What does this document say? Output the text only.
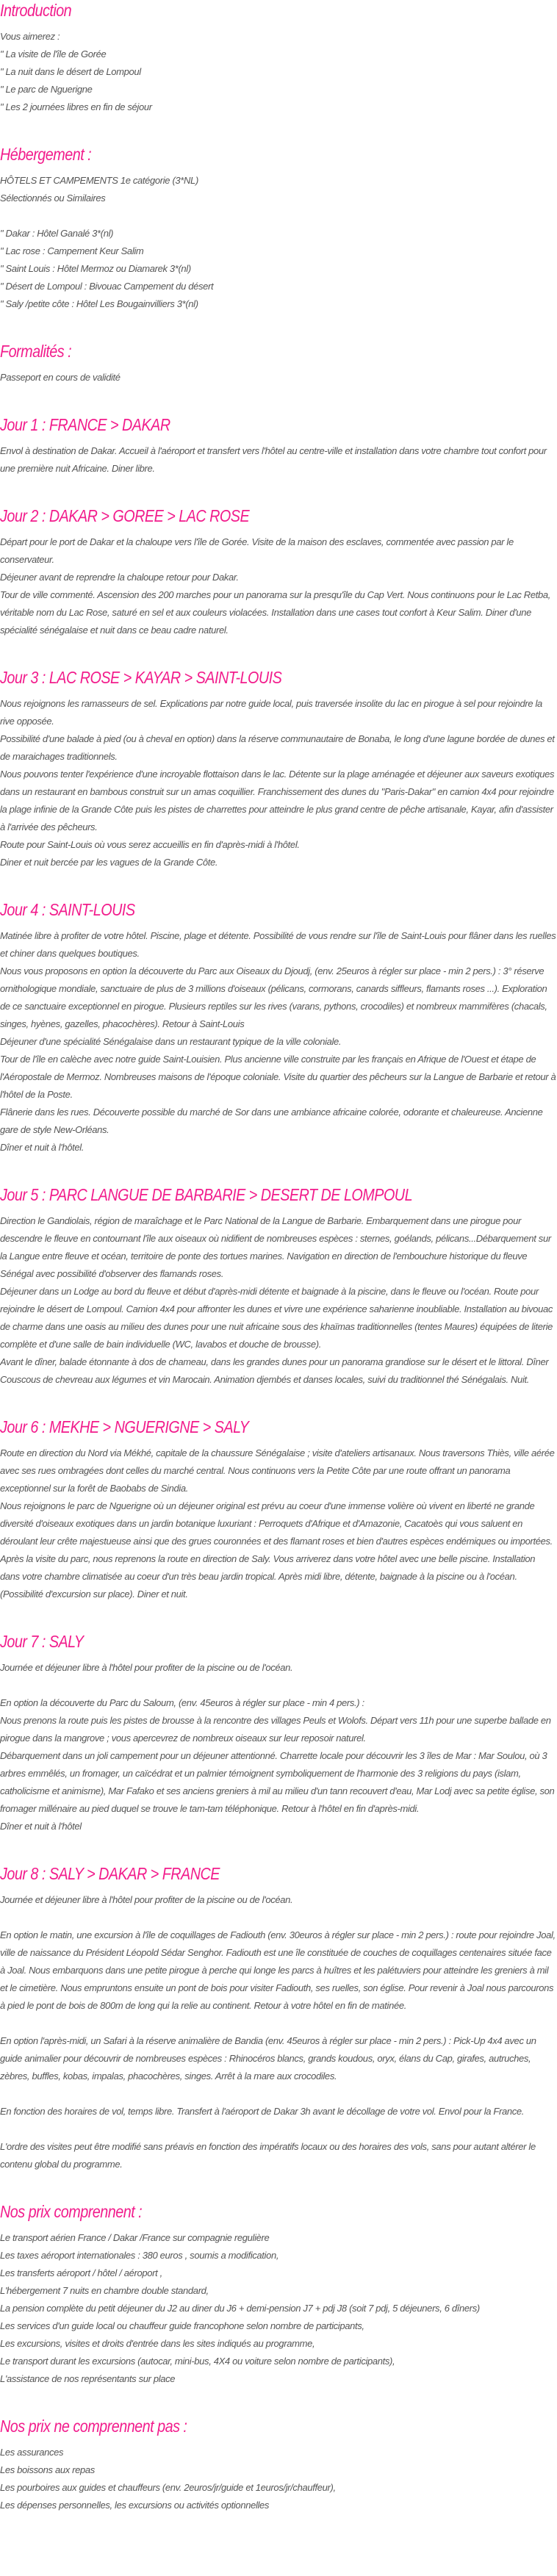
Introduction

Vous aimerez :
" La visite de l'île de Gorée
" La nuit dans le désert de Lompoul
" Le parc de Nguerigne
" Les 2 journées libres en fin de séjour

Hébergement :

HÔTELS ET CAMPEMENTS 1e catégorie (3*NL)
Sélectionnés ou Similaires
" Dakar : Hôtel Ganalé 3*(nl)
" Lac rose : Campement Keur Salim
" Saint Louis : Hôtel Mermoz ou Diamarek 3*(nl)
" Désert de Lompoul : Bivouac Campement du désert
" Saly /petite côte : Hôtel Les Bougainvilliers 3*(nl)

Formalités :

Passeport en cours de validité

Jour 1 : FRANCE > DAKAR

Envol à destination de Dakar. Accueil à l'aéroport et transfert vers l'hôtel au centre-ville et installation dans votre chambre tout confort pour une première nuit Africaine. Diner libre.

Jour 2 : DAKAR > GOREE > LAC ROSE

Départ pour le port de Dakar et la chaloupe vers l'île de Gorée. Visite de la maison des esclaves, commentée avec passion par le conservateur.

Déjeuner avant de reprendre la chaloupe retour pour Dakar.

Tour de ville commenté. Ascension des 200 marches pour un panorama sur la presqu'île du Cap Vert. Nous continuons pour le Lac Retba, véritable nom du Lac Rose, saturé en sel et aux couleurs violacées. Installation dans une cases tout confort à Keur Salim. Diner d'une spécialité sénégalaise et nuit dans ce beau cadre naturel.

Jour 3 : LAC ROSE > KAYAR > SAINT-LOUIS

Nous rejoignons les ramasseurs de sel. Explications par notre guide local, puis traversée insolite du lac en pirogue à sel pour rejoindre la rive opposée.

Possibilité d'une balade à pied (ou à cheval en option) dans la réserve communautaire de Bonaba, le long d'une lagune bordée de dunes et de maraichages traditionnels.

Nous pouvons tenter l'expérience d'une incroyable flottaison dans le lac. Détente sur la plage aménagée et déjeuner aux saveurs exotiques dans un restaurant en bambous construit sur un amas coquillier. Franchissement des dunes du "Paris-Dakar" en camion 4x4 pour rejoindre la plage infinie de la Grande Côte puis les pistes de charrettes pour atteindre le plus grand centre de pêche artisanale, Kayar, afin d'assister à l'arrivée des pêcheurs.

Route pour Saint-Louis où vous serez accueillis en fin d'après-midi à l'hôtel.

Diner et nuit bercée par les vagues de la Grande Côte.

Jour 4 : SAINT-LOUIS

Matinée libre à profiter de votre hôtel. Piscine, plage et détente. Possibilité de vous rendre sur l'île de Saint-Louis pour flâner dans les ruelles et chiner dans quelques boutiques.

Nous vous proposons en option la découverte du Parc aux Oiseaux du Djoudj, (env. 25euros à régler sur place - min 2 pers.) : 3° réserve ornithologique mondiale, sanctuaire de plus de 3 millions d'oiseaux (pélicans, cormorans, canards siffleurs, flamants roses ...). Exploration de ce sanctuaire exceptionnel en pirogue. Plusieurs reptiles sur les rives (varans, pythons, crocodiles) et nombreux mammifères (chacals, singes, hyènes, gazelles, phacochères). Retour à Saint-Louis

Déjeuner d'une spécialité Sénégalaise dans un restaurant typique de la ville coloniale.

Tour de l'île en calèche avec notre guide Saint-Louisien. Plus ancienne ville construite par les français en Afrique de l'Ouest et étape de l'Aéropostale de Mermoz. Nombreuses maisons de l'époque coloniale. Visite du quartier des pêcheurs sur la Langue de Barbarie et retour à l'hôtel de la Poste.

Flânerie dans les rues. Découverte possible du marché de Sor dans une ambiance africaine colorée, odorante et chaleureuse. Ancienne gare de style New-Orléans.

Dîner et nuit à l'hôtel.

Jour 5 : PARC LANGUE DE BARBARIE > DESERT DE LOMPOUL

Direction le Gandiolais, région de maraîchage et le Parc National de la Langue de Barbarie. Embarquement dans une pirogue pour descendre le fleuve en contournant l'île aux oiseaux où nidifient de nombreuses espèces : sternes, goélands, pélicans...Débarquement sur la Langue entre fleuve et océan, territoire de ponte des tortues marines. Navigation en direction de l'embouchure historique du fleuve Sénégal avec possibilité d'observer des flamands roses.

Déjeuner dans un Lodge au bord du fleuve et début d'après-midi détente et baignade à la piscine, dans le fleuve ou l'océan. Route pour rejoindre le désert de Lompoul. Camion 4x4 pour affronter les dunes et vivre une expérience saharienne inoubliable. Installation au bivouac de charme dans une oasis au milieu des dunes pour une nuit africaine sous des khaïmas traditionnelles (tentes Maures) équipées de literie complète et d'une salle de bain individuelle (WC, lavabos et douche de brousse).

Avant le dîner, balade étonnante à dos de chameau, dans les grandes dunes pour un panorama grandiose sur le désert et le littoral. Dîner Couscous de chevreau aux légumes et vin Marocain. Animation djembés et danses locales, suivi du traditionnel thé Sénégalais. Nuit.

Jour 6 : MEKHE > NGUERIGNE > SALY

Route en direction du Nord via Mékhé, capitale de la chaussure Sénégalaise ; visite d'ateliers artisanaux. Nous traversons Thiès, ville aérée avec ses rues ombragées dont celles du marché central. Nous continuons vers la Petite Côte par une route offrant un panorama exceptionnel sur la forêt de Baobabs de Sindia.

Nous rejoignons le parc de Nguerigne où un déjeuner original est prévu au coeur d'une immense volière où vivent en liberté ne grande diversité d'oiseaux exotiques dans un jardin botanique luxuriant : Perroquets d'Afrique et d'Amazonie, Cacatoès qui vous saluent en déroulant leur crête majestueuse ainsi que des grues couronnées et des flamant roses et bien d'autres espèces endémiques ou importées.

Après la visite du parc, nous reprenons la route en direction de Saly. Vous arriverez dans votre hôtel avec une belle piscine. Installation dans votre chambre climatisée au coeur d'un très beau jardin tropical. Après midi libre, détente, baignade à la piscine ou à l'océan. (Possibilité d'excursion sur place). Diner et nuit.

Jour 7 : SALY

Journée et déjeuner libre à l'hôtel pour profiter de la piscine ou de l'océan.

En option la découverte du Parc du Saloum, (env. 45euros à régler sur place - min 4 pers.) :

Nous prenons la route puis les pistes de brousse à la rencontre des villages Peuls et Wolofs. Départ vers 11h pour une superbe ballade en pirogue dans la mangrove ; vous apercevrez de nombreux oiseaux sur leur reposoir naturel.

Débarquement dans un joli campement pour un déjeuner attentionné. Charrette locale pour découvrir les 3 îles de Mar : Mar Soulou, où 3 arbres emmêlés, un fromager, un caïcédrat et un palmier témoignent symboliquement de l'harmonie des 3 religions du pays (islam, catholicisme et animisme), Mar Fafako et ses anciens greniers à mil au milieu d'un tann recouvert d'eau, Mar Lodj avec sa petite église, son fromager millénaire au pied duquel se trouve le tam-tam téléphonique. Retour à l'hôtel en fin d'après-midi.

Dîner et nuit à l'hôtel

Jour 8 : SALY > DAKAR > FRANCE

Journée et déjeuner libre à l'hôtel pour profiter de la piscine ou de l'océan.

En option le matin, une excursion à l'île de coquillages de Fadiouth (env. 30euros à régler sur place - min 2 pers.) : route pour rejoindre Joal, ville de naissance du Président Léopold Sédar Senghor. Fadiouth est une île constituée de couches de coquillages centenaires située face à Joal. Nous embarquons dans une petite pirogue à perche qui longe les parcs à huîtres et les palétuviers pour atteindre les greniers à mil et le cimetière. Nous empruntons ensuite un pont de bois pour visiter Fadiouth, ses ruelles, son église. Pour revenir à Joal nous parcourons à pied le pont de bois de 800m de long qui la relie au continent. Retour à votre hôtel en fin de matinée.

En option l'après-midi, un Safari à la réserve animalière de Bandia (env. 45euros à régler sur place - min 2 pers.) : Pick-Up 4x4 avec un guide animalier pour découvrir de nombreuses espèces : Rhinocéros blancs, grands koudous, oryx, élans du Cap, girafes, autruches, zèbres, buffles, kobas, impalas, phacochères, singes. Arrêt à la mare aux crocodiles.

En fonction des horaires de vol, temps libre. Transfert à l'aéroport de Dakar 3h avant le décollage de votre vol. Envol pour la France.

L'ordre des visites peut être modifié sans préavis en fonction des impératifs locaux ou des horaires des vols, sans pour autant altérer le contenu global du programme.

Nos prix comprennent :

Le transport aérien France / Dakar /France sur compagnie regulière
Les taxes aéroport internationales : 380 euros , soumis a modification,
Les transferts aéroport / hôtel / aéroport ,
L'hébergement 7 nuits en chambre double standard,
La pension complète du petit déjeuner du J2 au diner du J6 + demi-pension J7 + pdj J8 (soit 7 pdj, 5 déjeuners, 6 dîners)
Les services d'un guide local ou chauffeur guide francophone selon nombre de participants,
Les excursions, visites et droits d'entrée dans les sites indiqués au programme,
Le transport durant les excursions (autocar, mini-bus, 4X4 ou voiture selon nombre de participants),
L'assistance de nos représentants sur place

Nos prix ne comprennent pas :

Les assurances
Les boissons aux repas
Les pourboires aux guides et chauffeurs (env. 2euros/jr/guide et 1euros/jr/chauffeur),
Les dépenses personnelles, les excursions ou activités optionnelles
